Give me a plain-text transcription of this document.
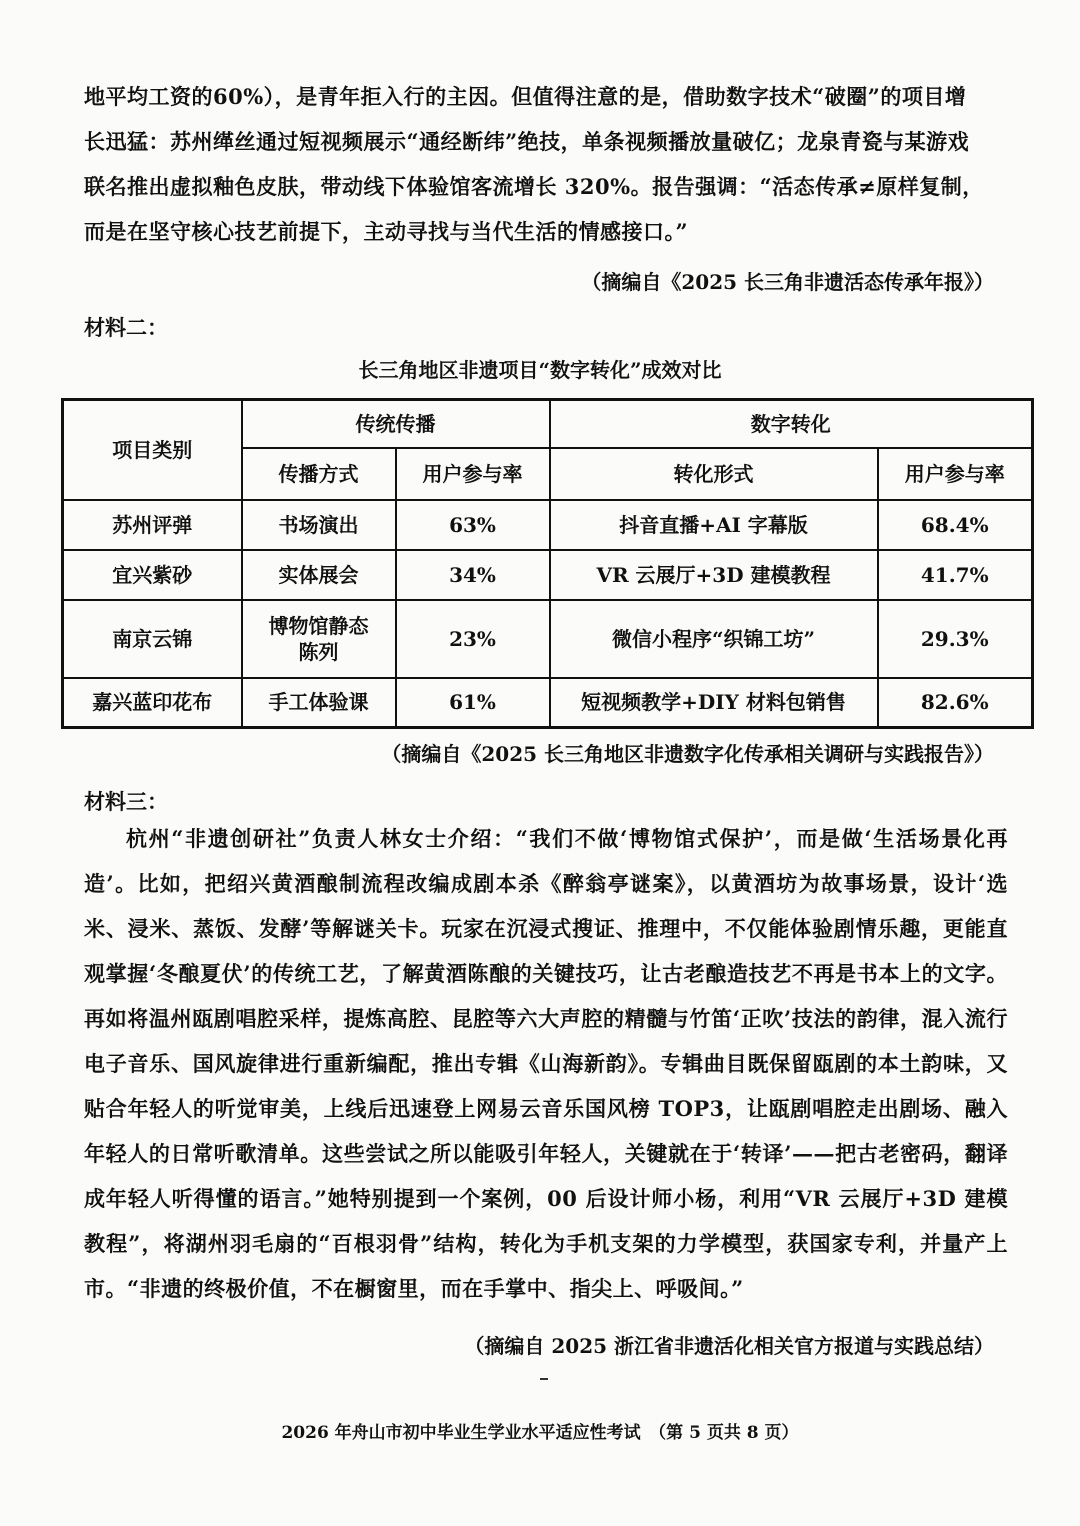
地平均工资的60%），是青年拒入行的主因。但值得注意的是，借助数字技术“破圈”的项目增
长迅猛：苏州缂丝通过短视频展示“通经断纬”绝技，单条视频播放量破亿；龙泉青瓷与某游戏
联名推出虚拟釉色皮肤，带动线下体验馆客流增长 320%。报告强调：“活态传承≠原样复制，
而是在坚守核心技艺前提下，主动寻找与当代生活的情感接口。”
（摘编自《2025 长三角非遗活态传承年报》）
材料二：
长三角地区非遗项目“数字转化”成效对比
项目类别	传统传播		数字转化	
	传播方式	用户参与率	转化形式	用户参与率
苏州评弹	书场演出	63%	抖音直播+AI 字幕版	68.4%
宜兴紫砂	实体展会	34%	VR 云展厅+3D 建模教程	41.7%
南京云锦	博物馆静态陈列	23%	微信小程序“织锦工坊”	29.3%
嘉兴蓝印花布	手工体验课	61%	短视频教学+DIY 材料包销售	82.6%
（摘编自《2025 长三角地区非遗数字化传承相关调研与实践报告》）
材料三：
杭州“非遗创研社”负责人林女士介绍：“我们不做‘博物馆式保护’，而是做‘生活场景化再造’。比如，把绍兴黄酒酿制流程改编成剧本杀《醉翁亭谜案》，以黄酒坊为故事场景，设计‘选米、浸米、蒸饭、发酵’等解谜关卡。玩家在沉浸式搜证、推理中，不仅能体验剧情乐趣，更能直观掌握‘冬酿夏伏’的传统工艺，了解黄酒陈酿的关键技巧，让古老酿造技艺不再是书本上的文字。再如将温州瓯剧唱腔采样，提炼高腔、昆腔等六大声腔的精髓与竹笛‘正吹’技法的韵律，混入流行电子音乐、国风旋律进行重新编配，推出专辑《山海新韵》。专辑曲目既保留瓯剧的本土韵味，又贴合年轻人的听觉审美，上线后迅速登上网易云音乐国风榜 TOP3，让瓯剧唱腔走出剧场、融入年轻人的日常听歌清单。这些尝试之所以能吸引年轻人，关键就在于‘转译’——把古老密码，翻译成年轻人听得懂的语言。”她特别提到一个案例，00 后设计师小杨，利用“VR 云展厅+3D 建模教程”，将湖州羽毛扇的“百根羽骨”结构，转化为手机支架的力学模型，获国家专利，并量产上市。“非遗的终极价值，不在橱窗里，而在手掌中、指尖上、呼吸间。”
（摘编自 2025 浙江省非遗活化相关官方报道与实践总结）
2026 年舟山市初中毕业生学业水平适应性考试　（第 5 页共 8 页）
